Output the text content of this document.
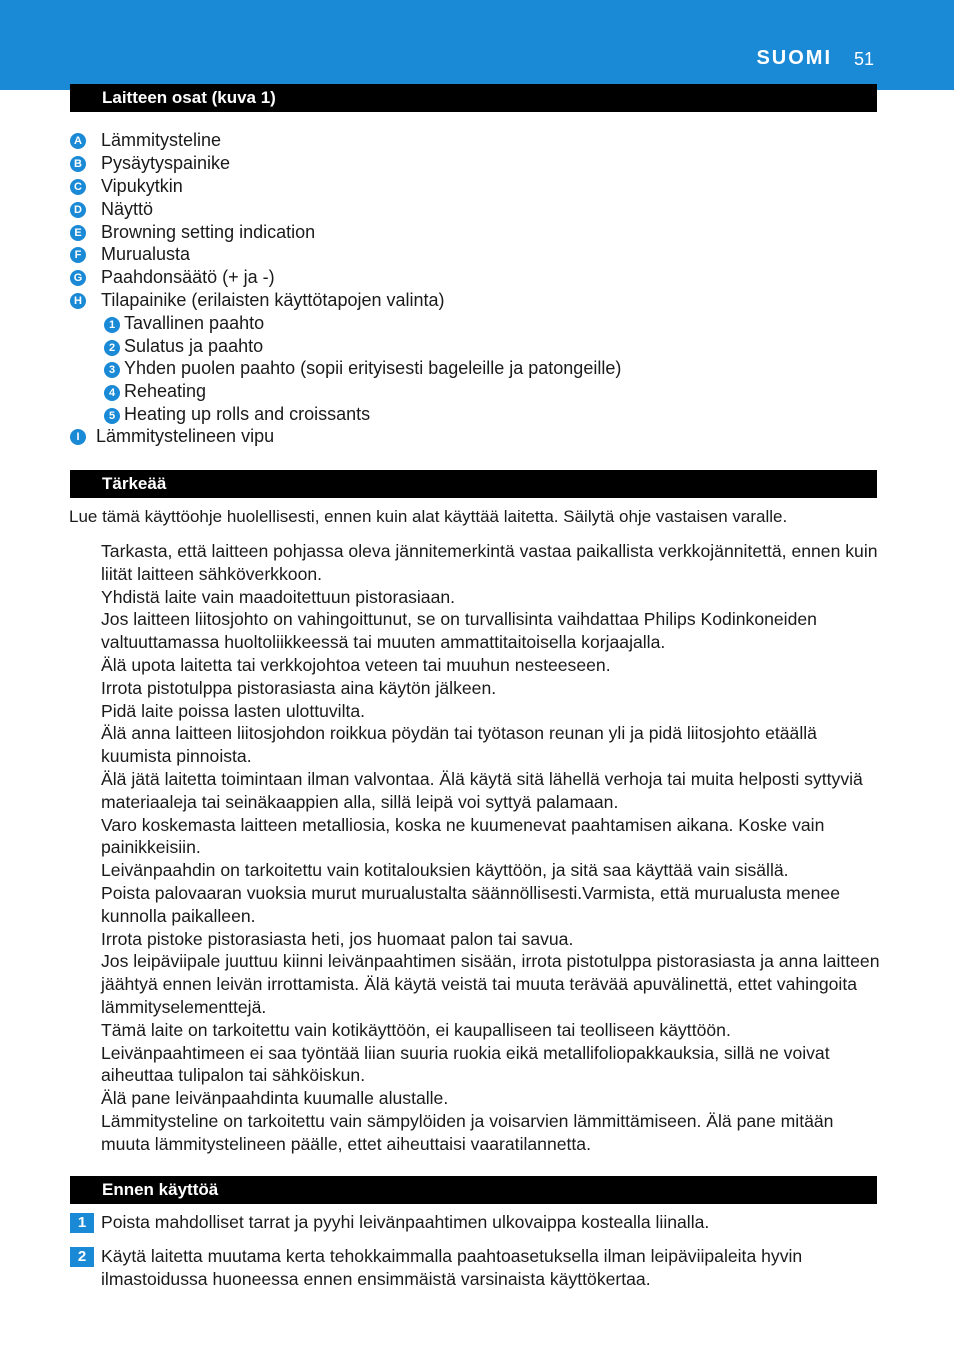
SUOMI 51
Laitteen osat (kuva 1)
A Lämmitysteline
B Pysäytyspainike
C Vipukytkin
D Näyttö
E Browning setting indication
F Murualusta
G Paahdonsäätö (+ ja -)
H Tilapainike (erilaisten käyttötapojen valinta)
1 Tavallinen paahto
2 Sulatus ja paahto
3 Yhden puolen paahto (sopii erityisesti bageleille ja patongeille)
4 Reheating
5 Heating up rolls and croissants
I Lämmitystelineen vipu
Tärkeää
Lue tämä käyttöohje huolellisesti, ennen kuin alat käyttää laitetta. Säilytä ohje vastaisen varalle.

Tarkasta, että laitteen pohjassa oleva jännitemerkintä vastaa paikallista verkkojännitettä, ennen kuin liität laitteen sähköverkkoon.

Yhdistä laite vain maadoitettuun pistorasiaan.

Jos laitteen liitosjohto on vahingoittunut, se on turvallisinta vaihdattaa Philips Kodinkoneiden valtuuttamassa huoltoliikkeessä tai muuten ammattitaitoisella korjaajalla.

Älä upota laitetta tai verkkojohtoa veteen tai muuhun nesteeseen.

Irrota pistotulppa pistorasiasta aina käytön jälkeen.

Pidä laite poissa lasten ulottuvilta.

Älä anna laitteen liitosjohdon roikkua pöydän tai työtason reunan yli ja pidä liitosjohto etäällä kuumista pinnoista.

Älä jätä laitetta toimintaan ilman valvontaa. Älä käytä sitä lähellä verhoja tai muita helposti syttyviä materiaaleja tai seinäkaappien alla, sillä leipä voi syttyä palamaan.

Varo koskemasta laitteen metalliosia, koska ne kuumenevat paahtamisen aikana. Koske vain painikkeisiin.

Leivänpaahdin on tarkoitettu vain kotitalouksien käyttöön, ja sitä saa käyttää vain sisällä.

Poista palovaaran vuoksia murut murualustalta säännöllisesti.Varmista, että murualusta menee kunnolla paikalleen.

Irrota pistoke pistorasiasta heti, jos huomaat palon tai savua.

Jos leipäviipale juuttuu kiinni leivänpaahtimen sisään, irrota pistotulppa pistorasiasta ja anna laitteen jäähtyä ennen leivän irrottamista. Älä käytä veistä tai muuta terävää apuvälinettä, ettet vahingoita lämmityselementtejä.

Tämä laite on tarkoitettu vain kotikäyttöön, ei kaupalliseen tai teolliseen käyttöön.

Leivänpaahtimeen ei saa työntää liian suuria ruokia eikä metallifoliopakkauksia, sillä ne voivat aiheuttaa tulipalon tai sähköiskun.

Älä pane leivänpaahdinta kuumalle alustalle.

Lämmitysteline on tarkoitettu vain sämpylöiden ja voisarvien lämmittämiseen. Älä pane mitään muuta lämmitystelineen päälle, ettet aiheuttaisi vaaratilannetta.

Ennen käyttöä
1 Poista mahdolliset tarrat ja pyyhi leivänpaahtimen ulkovaippa kostealla liinalla.
2 Käytä laitetta muutama kerta tehokkaimmalla paahtoasetuksella ilman leipäviipaleita hyvin ilmastoidussa huoneessa ennen ensimmäistä varsinaista käyttökertaa.
